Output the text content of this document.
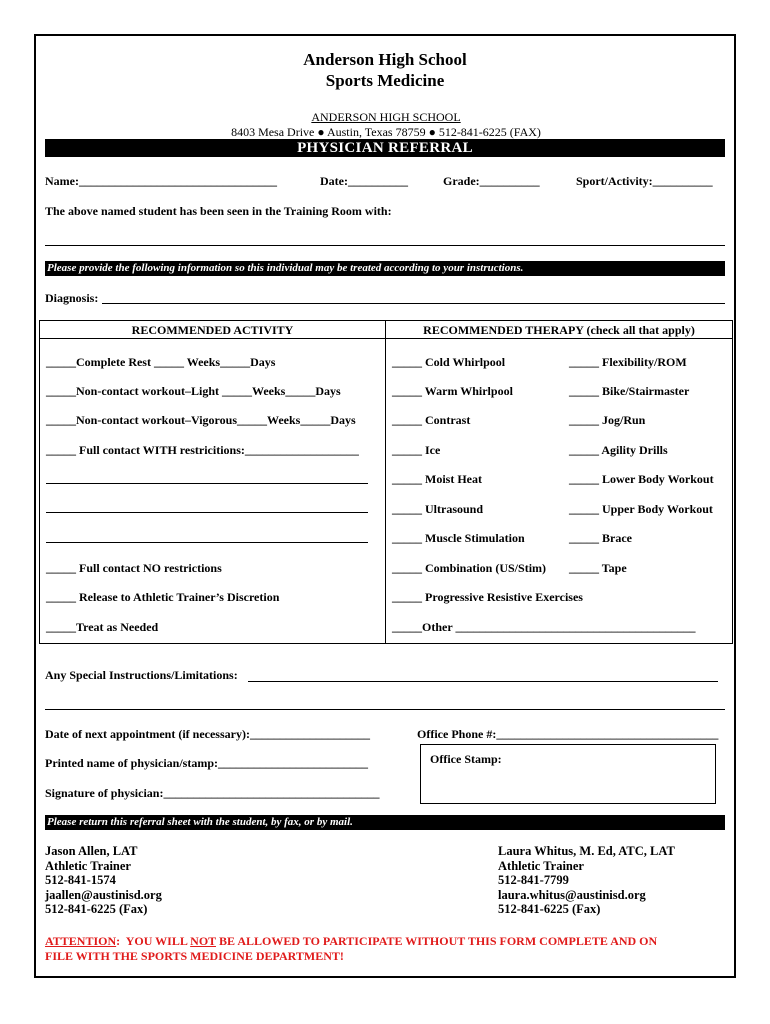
Anderson High School
Sports Medicine
ANDERSON HIGH SCHOOL
8403 Mesa Drive ● Austin, Texas 78759 ● 512-841-6225 (FAX)
PHYSICIAN REFERRAL
Name:_________________________________	Date:__________	Grade:__________	Sport/Activity:__________
The above named student has been seen in the Training Room with:
Please provide the following information so this individual may be treated according to your instructions.
Diagnosis:
RECOMMENDED ACTIVITY	RECOMMENDED THERAPY (check all that apply)
_____Complete Rest _____ Weeks_____Days
_____Non-contact workout–Light _____Weeks_____Days
_____Non-contact workout–Vigorous_____Weeks_____Days
_____ Full contact WITH restricitions:___________________
_____ Full contact NO restrictions
_____ Release to Athletic Trainer’s Discretion
_____Treat as Needed
_____ Cold Whirlpool
_____ Warm Whirlpool
_____ Contrast
_____ Ice
_____ Moist Heat
_____ Ultrasound
_____ Muscle Stimulation
_____ Combination (US/Stim)
_____ Flexibility/ROM
_____ Bike/Stairmaster
_____ Jog/Run
_____ Agility Drills
_____ Lower Body Workout
_____ Upper Body Workout
_____ Brace
_____ Tape
_____ Progressive Resistive Exercises
_____Other ________________________________________
Any Special Instructions/Limitations:
Date of next appointment (if necessary):____________________	Office Phone #:_____________________________________
Printed name of physician/stamp:_________________________	Office Stamp:
Signature of physician:____________________________________
Please return this referral sheet with the student, by fax, or by mail.
Jason Allen, LAT
Athletic Trainer
512-841-1574
jaallen@austinisd.org
512-841-6225 (Fax)
Laura Whitus, M. Ed, ATC, LAT
Athletic Trainer
512-841-7799
laura.whitus@austinisd.org
512-841-6225 (Fax)
ATTENTION:  YOU WILL NOT BE ALLOWED TO PARTICIPATE WITHOUT THIS FORM COMPLETE AND ON
FILE WITH THE SPORTS MEDICINE DEPARTMENT!
